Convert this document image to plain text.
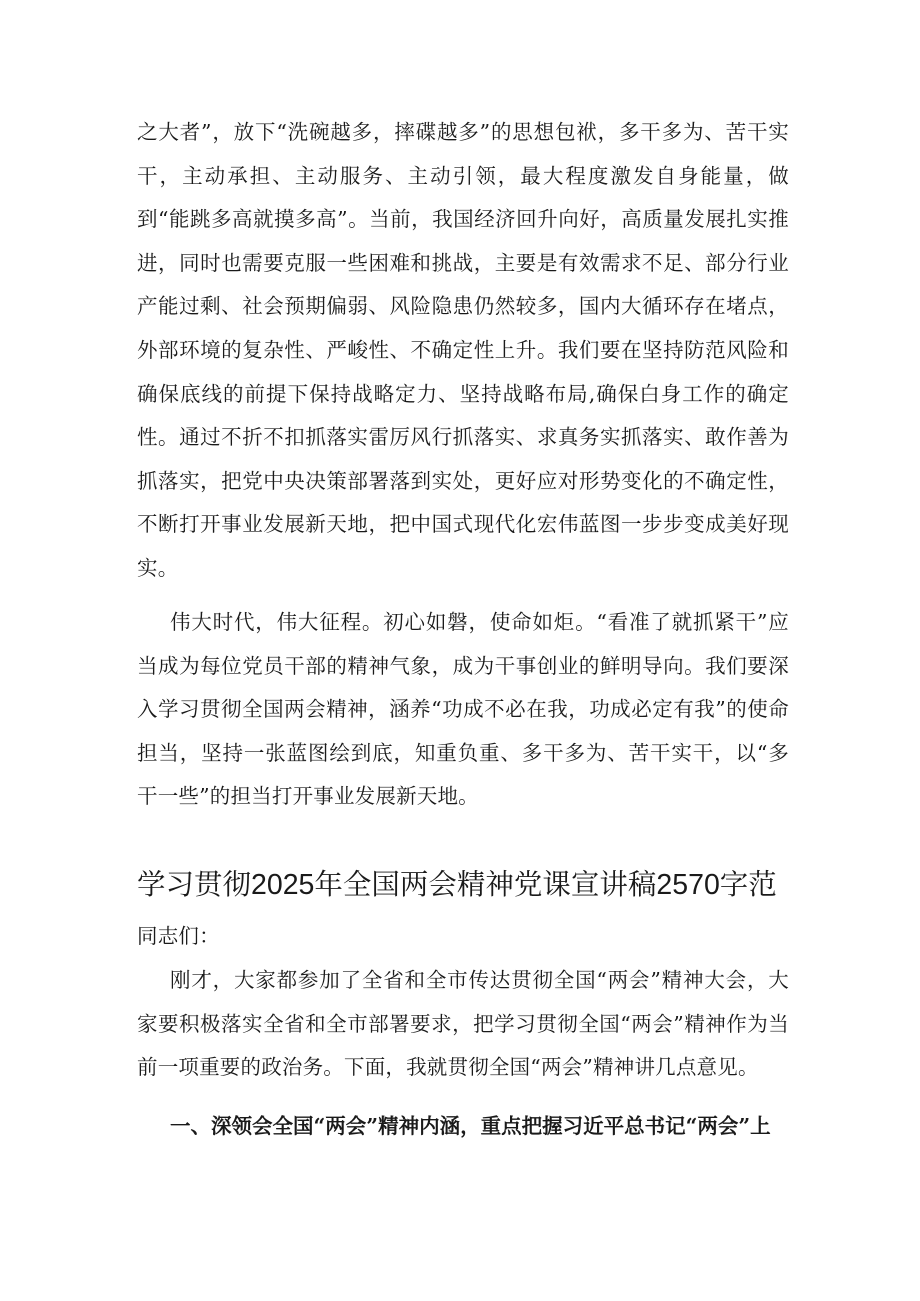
之大者”，放下“洗碗越多，摔碟越多”的思想包袱，多干多为、苦干实干，主动承担、主动服务、主动引领，最大程度激发自身能量，做到“能跳多高就摸多高”。当前，我国经济回升向好，高质量发展扎实推进，同时也需要克服一些困难和挑战，主要是有效需求不足、部分行业产能过剩、社会预期偏弱、风险隐患仍然较多，国内大循环存在堵点，外部环境的复杂性、严峻性、不确定性上升。我们要在坚持防范风险和确保底线的前提下保持战略定力、坚持战略布局,确保白身工作的确定性。通过不折不扣抓落实雷厉风行抓落实、求真务实抓落实、敢作善为抓落实，把党中央决策部署落到实处，更好应对形势变化的不确定性，不断打开事业发展新天地，把中国式现代化宏伟蓝图一步步变成美好现实。

伟大时代，伟大征程。初心如磐，使命如炬。“看准了就抓紧干”应当成为每位党员干部的精神气象，成为干事创业的鲜明导向。我们要深入学习贯彻全国两会精神，涵养“功成不必在我，功成必定有我”的使命担当，坚持一张蓝图绘到底，知重负重、多干多为、苦干实干，以“多干一些”的担当打开事业发展新天地。

学习贯彻2025年全国两会精神党课宣讲稿2570字范

同志们：

刚才，大家都参加了全省和全市传达贯彻全国“两会”精神大会，大家要积极落实全省和全市部署要求，把学习贯彻全国“两会”精神作为当前一项重要的政治务。下面，我就贯彻全国“两会”精神讲几点意见。

一、深领会全国“两会”精神内涵，重点把握习近平总书记“两会”上
